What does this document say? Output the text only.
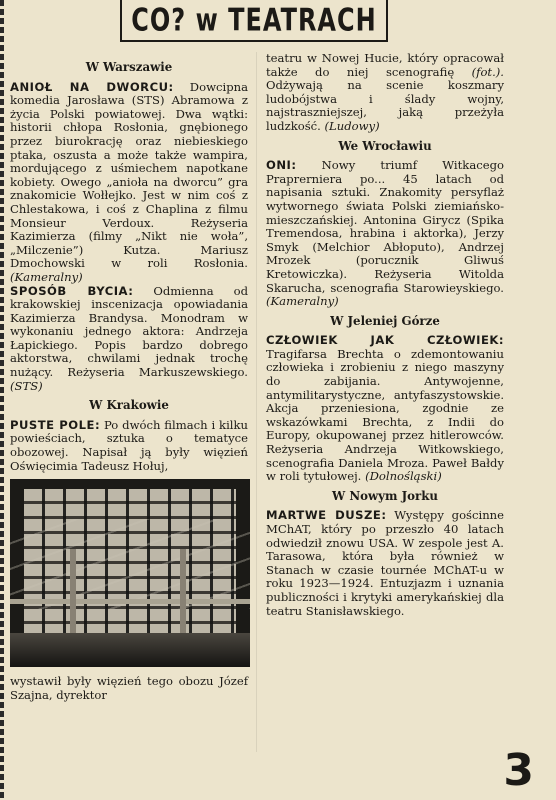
CO? w TEATRACH

W Warszawie

ANIOŁ NA DWORCU: Dowcipna komedia Jarosława (STS) Abramowa z życia Polski powiatowej. Dwa wątki: historii chłopa Rosłonia, gnębionego przez biurokrację oraz niebieskiego ptaka, oszusta a może także wampira, mordującego z uśmiechem napotkane kobiety. Owego „anioła na dworcu” gra znakomicie Wołłejko. Jest w nim coś z Chlestakowa, i coś z Chaplina z filmu Monsieur Verdoux. Reżyseria Kazimierza (filmy „Nikt nie woła”, „Milczenie”) Kutza. Mariusz Dmochowski w roli Rosłonia. (Kameralny)

SPOSÓB BYCIA: Odmienna od krakowskiej inscenizacja opowiadania Kazimierza Brandysa. Monodram w wykonaniu jednego aktora: Andrzeja Łapickiego. Popis bardzo dobrego aktorstwa, chwilami jednak trochę nużący. Reżyseria Markuszewskiego. (STS)

W Krakowie

PUSTE POLE: Po dwóch filmach i kilku powieściach, sztuka o tematyce obozowej. Napisał ją były więzień Oświęcimia Tadeusz Hołuj,

wystawił były więzień tego obozu Józef Szajna, dyrektor

teatru w Nowej Hucie, który opracował także do niej scenografię (fot.). Odżywają na scenie koszmary ludobójstwa i ślady wojny, najstraszniejszej, jaką przeżyła ludzkość. (Ludowy)

We Wrocławiu

ONI: Nowy triumf Witkacego Praprernierа po... 45 latach od napisania sztuki. Znakomity persyflaż wytwornego świata Polski ziemiańsko-mieszczańskiej. Antonina Girycz (Spika Tremendosa, hrabina i aktorka), Jerzy Smyk (Melchior Abłoputo), Andrzej Mrozek (porucznik Gliwuś Kretowiczka). Reżyseria Witolda Skarucha, scenografia Starowieyskiego. (Kameralny)

W Jeleniej Górze

CZŁOWIEK JAK CZŁOWIEK: Tragifarsa Brechta o zdemontowaniu człowieka i zrobieniu z niego maszyny do zabijania. Antywojenne, antymilitarystyczne, antyfaszystowskie. Akcja przeniesiona, zgodnie ze wskazówkami Brechta, z Indii do Europy, okupowanej przez hitlerowców. Reżyseria Andrzeja Witkowskiego, scenografia Daniela Mroza. Paweł Bałdy w roli tytułowej. (Dolnośląski)

W Nowym Jorku

MARTWE DUSZE: Występy gościnne MChAT, który po przeszło 40 latach odwiedził znowu USA. W zespole jest A. Tarasowa, która była również w Stanach w czasie tournée MChAT-u w roku 1923—1924. Entuzjazm i uznania publiczności i krytyki amerykańskiej dla teatru Stanisławskiego.

3
